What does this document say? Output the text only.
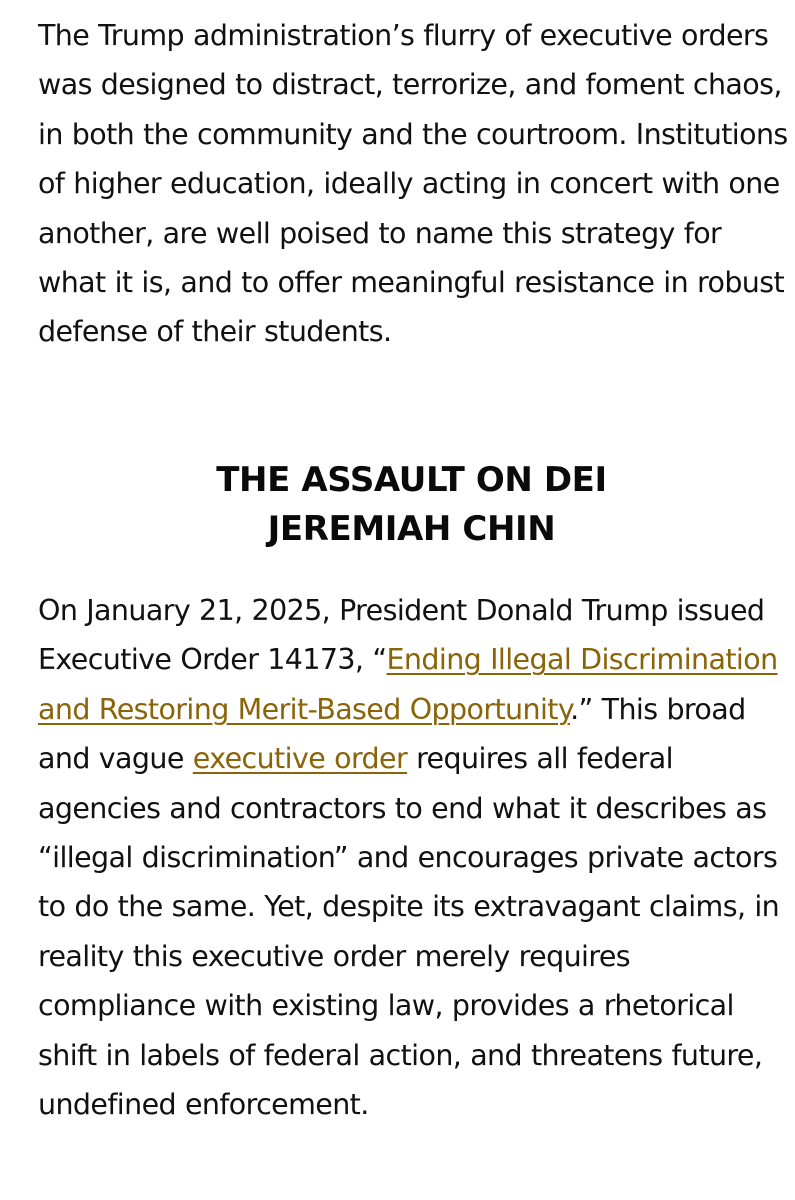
The Trump administration’s flurry of executive orders was designed to distract, terrorize, and foment chaos, in both the community and the courtroom. Institutions of higher education, ideally acting in concert with one another, are well poised to name this strategy for what it is, and to offer meaningful resistance in robust defense of their students.

THE ASSAULT ON DEI
JEREMIAH CHIN

On January 21, 2025, President Donald Trump issued Executive Order 14173, “Ending Illegal Discrimination and Restoring Merit-Based Opportunity.” This broad and vague executive order requires all federal agencies and contractors to end what it describes as “illegal discrimination” and encourages private actors to do the same. Yet, despite its extravagant claims, in reality this executive order merely requires compliance with existing law, provides a rhetorical shift in labels of federal action, and threatens future, undefined enforcement.
